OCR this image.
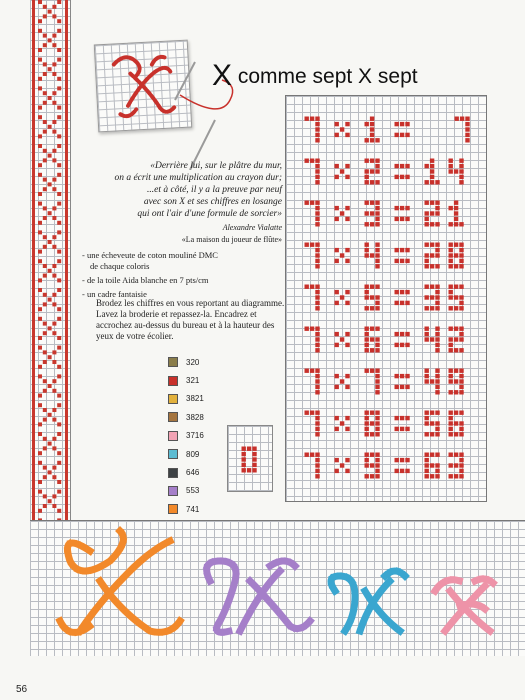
X comme sept X sept
«Derrière lui, sur le plâtre du mur,
on a écrit une multiplication au crayon dur;
...et à côté, il y a la preuve par neuf
avec son X et ses chiffres en losange
qui ont l'air d'une formule de sorcier»
Alexandre Vialatte
«La maison du joueur de flûte»
- une écheveute de coton mouliné DMC
de chaque coloris
- de la toile Aida blanche en 7 pts/cm
- un cadre fantaisie
Brodez les chiffres en vous reportant au diagramme. Lavez la broderie et repassez-la. Encadrez et accrochez au-dessus du bureau et à la hauteur des yeux de votre écolier.
320
321
3821
3828
3716
809
646
553
741
56
